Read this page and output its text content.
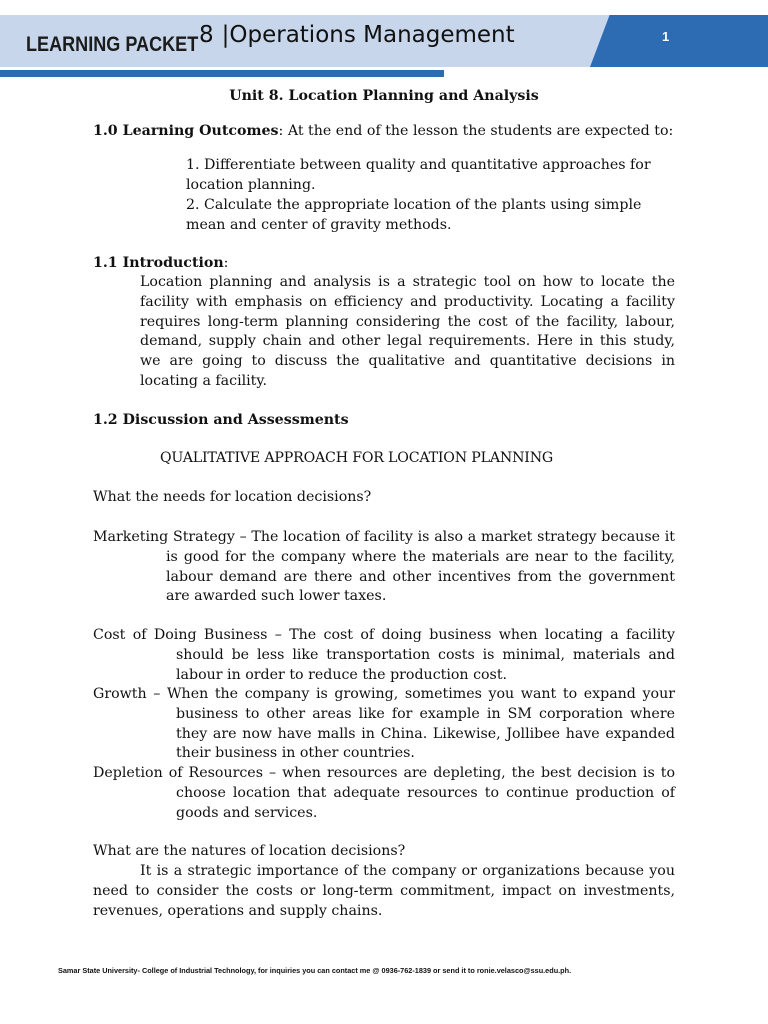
LEARNING PACKET 8 |Operations Management	1

Unit 8. Location Planning and Analysis

1.0 Learning Outcomes: At the end of the lesson the students are expected to:

1. Differentiate between quality and quantitative approaches for location planning.

2. Calculate the appropriate location of the plants using simple mean and center of gravity methods.

1.1 Introduction:

Location planning and analysis is a strategic tool on how to locate the facility with emphasis on efficiency and productivity. Locating a facility requires long-term planning considering the cost of the facility, labour, demand, supply chain and other legal requirements. Here in this study, we are going to discuss the qualitative and quantitative decisions in locating a facility.

1.2 Discussion and Assessments

QUALITATIVE APPROACH FOR LOCATION PLANNING

What the needs for location decisions?

Marketing Strategy – The location of facility is also a market strategy because it is good for the company where the materials are near to the facility, labour demand are there and other incentives from the government are awarded such lower taxes.

Cost of Doing Business – The cost of doing business when locating a facility should be less like transportation costs is minimal, materials and labour in order to reduce the production cost.

Growth – When the company is growing, sometimes you want to expand your business to other areas like for example in SM corporation where they are now have malls in China. Likewise, Jollibee have expanded their business in other countries.

Depletion of Resources – when resources are depleting, the best decision is to choose location that adequate resources to continue production of goods and services.

What are the natures of location decisions?

It is a strategic importance of the company or organizations because you need to consider the costs or long-term commitment, impact on investments, revenues, operations and supply chains.

Samar State University- College of Industrial Technology, for inquiries you can contact me @ 0936-762-1839 or send it to ronie.velasco@ssu.edu.ph.
